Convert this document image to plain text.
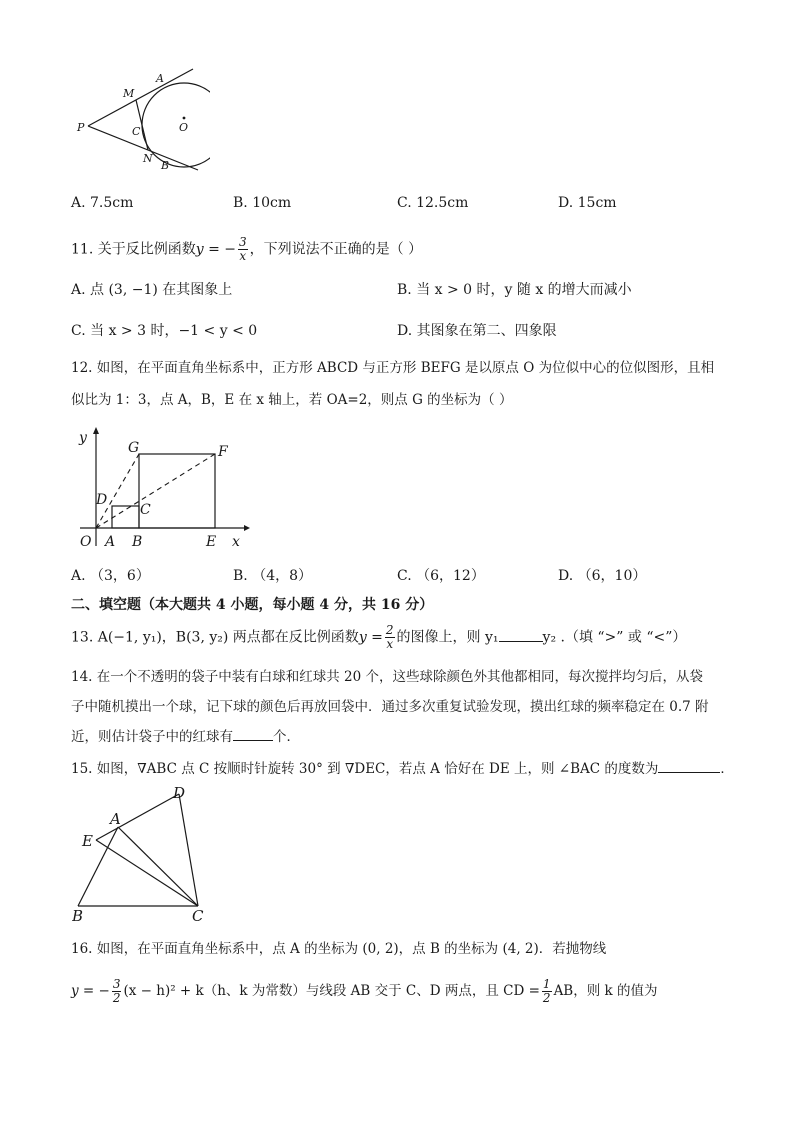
A
M
P	C	O
N
B
A. 7.5cm	B. 10cm	C. 12.5cm	D. 15cm
11. 关于反比例函数y = − $\frac{3}{x}$ ，下列说法不正确的是（ ）
A. 点 (3, −1) 在其图象上	B. 当 x > 0 时，y 随 x 的增大而减小
C. 当 x > 3 时，−1 < y < 0	D. 其图象在第二、四象限
12. 如图，在平面直角坐标系中，正方形 ABCD 与正方形 BEFG 是以原点 O 为位似中心的位似图形，且相
似比为 1：3，点 A，B，E 在 x 轴上，若 OA=2，则点 G 的坐标为（ ）
y
G	F
D
C
O A B	E x
A. （3，6）	B. （4，8）	C. （6，12）	D. （6，10）
二、填空题（本大题共 4 小题，每小题 4 分，共 16 分）
13. A(−1, y₁)，B(3, y₂) 两点都在反比例函数$y = \frac{2}{x}$ 的图像上，则 y₁	y₂ .（填 “>” 或 “<”）
14. 在一个不透明的袋子中装有白球和红球共 20 个，这些球除颜色外其他都相同，每次搅拌均匀后，从袋
子中随机摸出一个球，记下球的颜色后再放回袋中．通过多次重复试验发现，摸出红球的频率稳定在 0.7 附
近，则估计袋子中的红球有	个．
15. 如图，∇ABC 点 C 按顺时针旋转 30° 到 ∇DEC，若点 A 恰好在 DE 上，则 ∠BAC 的度数为	．
D
A
E
B	C
16. 如图，在平面直角坐标系中，点 A 的坐标为 (0, 2)，点 B 的坐标为 (4, 2)．若抛物线
y = − $\frac{3}{2} (x - h)^2 + k(h$、k 为常数）与线段 AB 交于 C、D 两点，且 CD = $\frac{1}{2}$ AB，则 k 的值为
